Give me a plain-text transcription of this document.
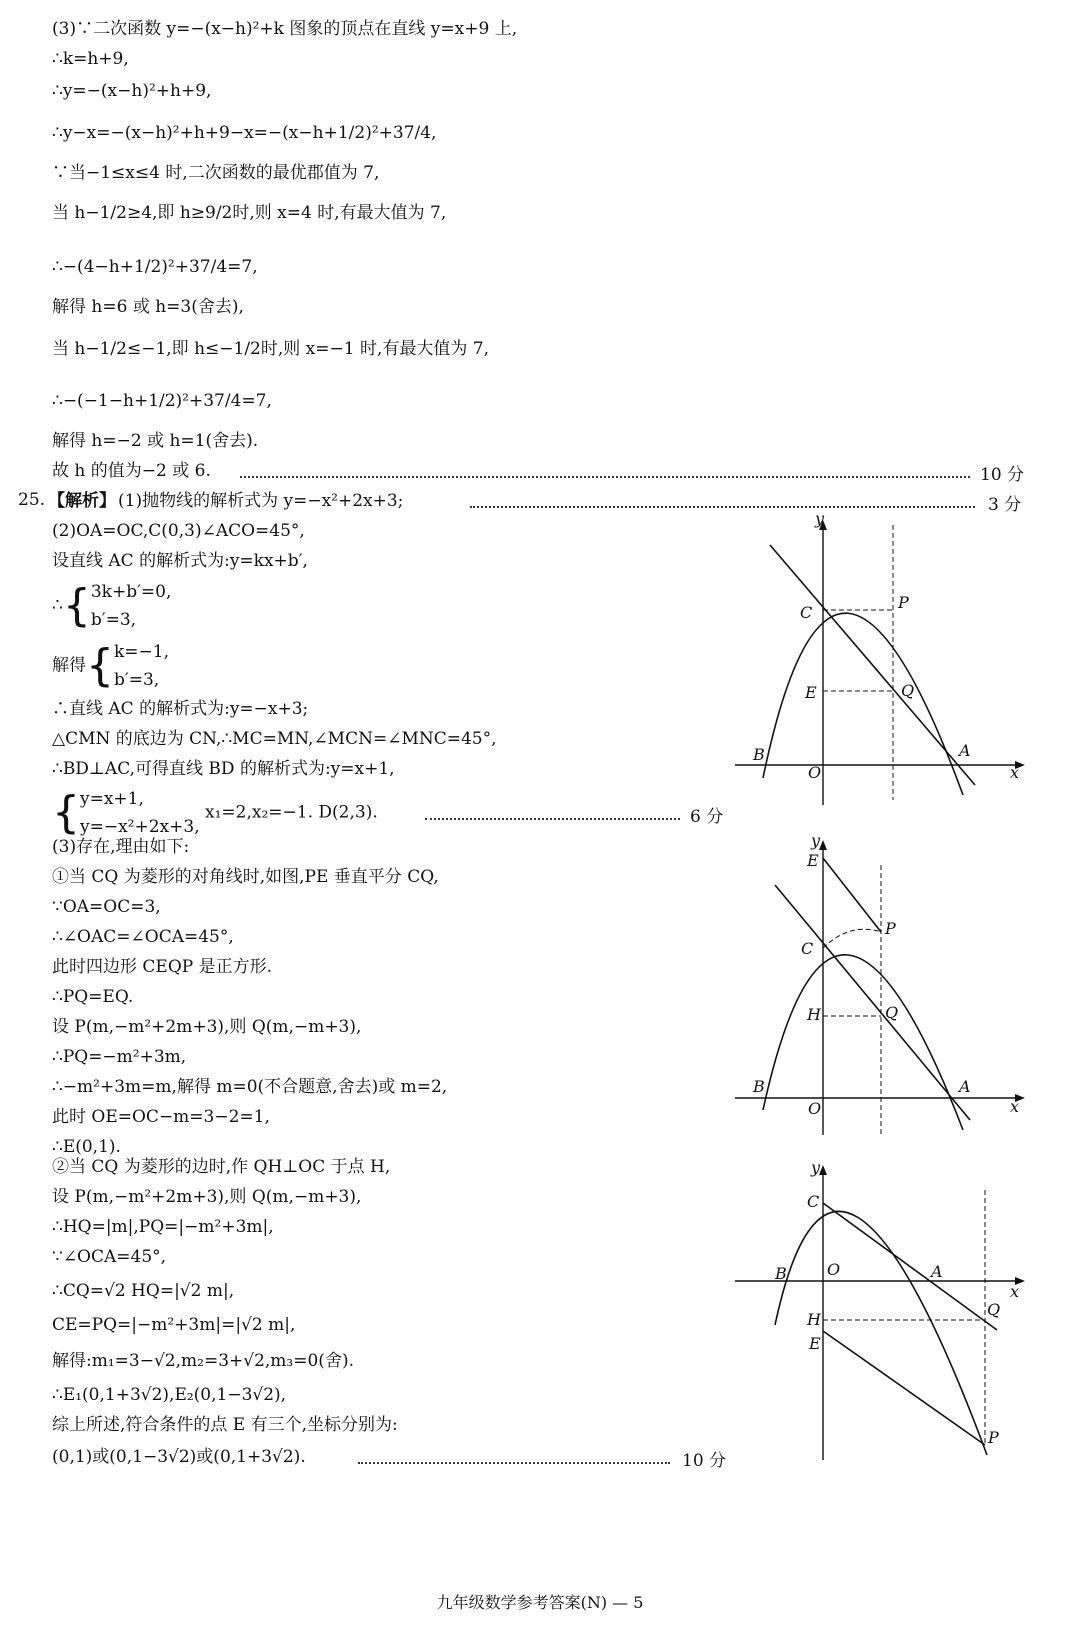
(3)∵二次函数 y=−(x−h)²+k 图象的顶点在直线 y=x+9 上,
∴k=h+9,
∴y=−(x−h)²+h+9,
∴y−x=−(x−h)²+h+9−x=−(x−h+1/2)²+37/4,
∵当−1≤x≤4 时,二次函数的最优郡值为 7,
当 h−1/2≥4,即 h≥9/2时,则 x=4 时,有最大值为 7,
∴−(4−h+1/2)²+37/4=7,
解得 h=6 或 h=3(舍去),
当 h−1/2≤−1,即 h≤−1/2时,则 x=−1 时,有最大值为 7,
∴−(−1−h+1/2)²+37/4=7,
解得 h=−2 或 h=1(舍去).
故 h 的值为−2 或 6.	10 分
25. 【解析】 (1)抛物线的解析式为 y=−x²+2x+3;	3 分
(2)OA=OC,C(0,3)∠ACO=45°,
设直线 AC 的解析式为:y=kx+b′,
∴{3k+b′=0,
b′=3,
解得{k=−1,
b′=3,
∴直线 AC 的解析式为:y=−x+3;
△CMN 的底边为 CN,∴MC=MN,∠MCN=∠MNC=45°,
∴BD⊥AC,可得直线 BD 的解析式为:y=x+1,
{y=x+1,
y=−x²+2x+3, x₁=2,x₂=−1. D(2,3).	6 分
(3)存在,理由如下:
①当 CQ 为菱形的对角线时,如图,PE 垂直平分 CQ,
∵OA=OC=3,
∴∠OAC=∠OCA=45°,
此时四边形 CEQP 是正方形.
∴PQ=EQ.
设 P(m,−m²+2m+3),则 Q(m,−m+3),
∴PQ=−m²+3m,
∴−m²+3m=m,解得 m=0(不合题意,舍去)或 m=2,
此时 OE=OC−m=3−2=1,
∴E(0,1).
②当 CQ 为菱形的边时,作 QH⊥OC 于点 H,
设 P(m,−m²+2m+3),则 Q(m,−m+3),
∴HQ=|m|,PQ=|−m²+3m|,
∵∠OCA=45°,
∴CQ=√2 HQ=|√2 m|,
CE=PQ=|−m²+3m|=|√2 m|,
解得:m₁=3−√2,m₂=3+√2,m₃=0(舍).
∴E₁(0,1+3√2),E₂(0,1−3√2),
综上所述,符合条件的点 E 有三个,坐标分别为:
(0,1)或(0,1−3√2)或(0,1+3√2).	10 分
y
x
O
C
P
E	Q
B	A
y
x
O
C
P
E
Q
H
B	A
y
x
O
C
P
E
Q
H
B	A
九年级数学参考答案(N) — 5
